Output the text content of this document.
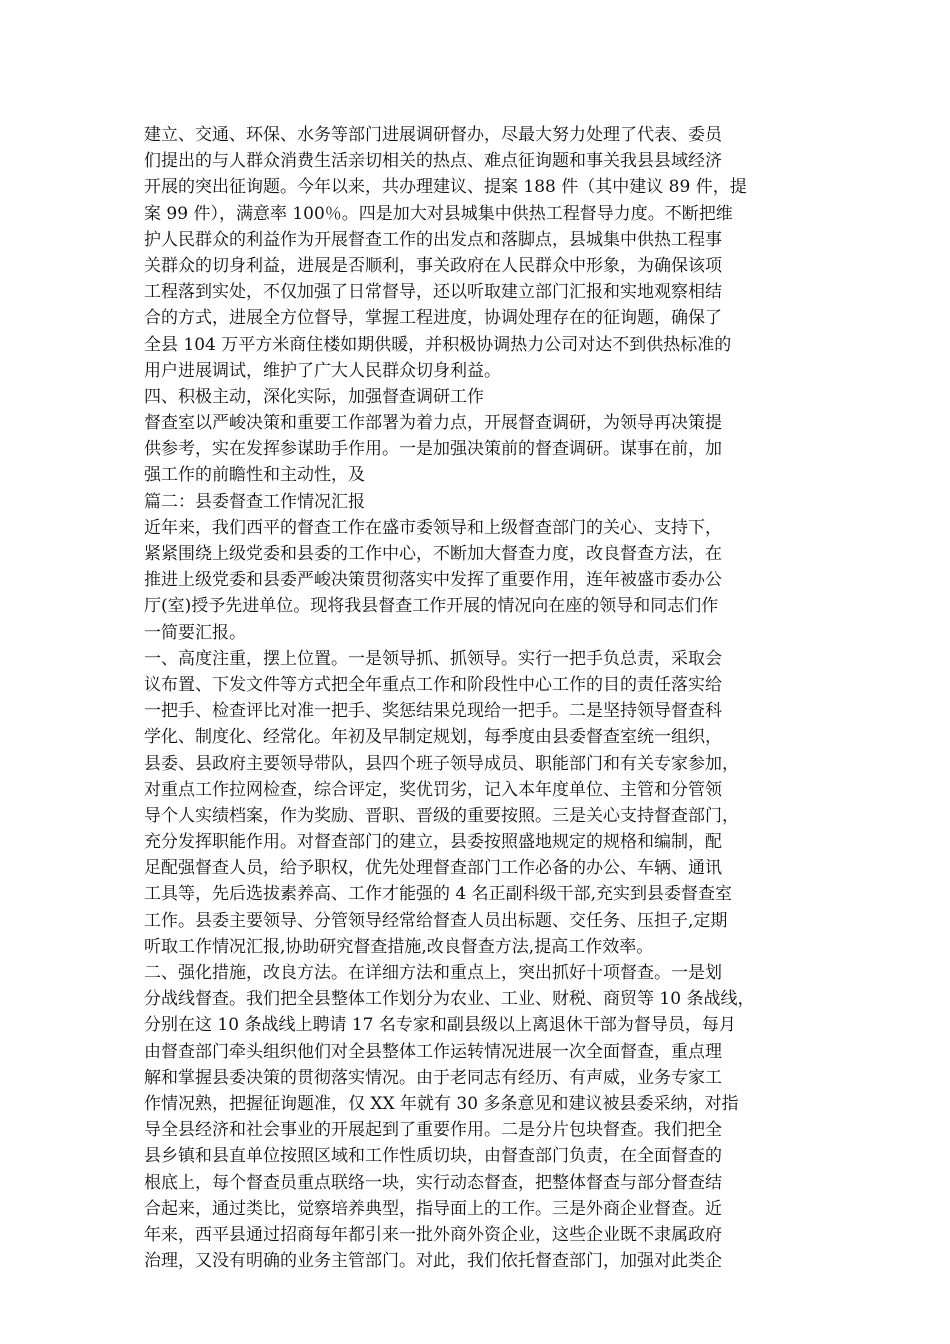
建立、交通、环保、水务等部门进展调研督办，尽最大努力处理了代表、委员
们提出的与人群众消费生活亲切相关的热点、难点征询题和事关我县县域经济
开展的突出征询题。今年以来，共办理建议、提案 188 件（其中建议 89 件，提
案 99 件），满意率 100％。四是加大对县城集中供热工程督导力度。不断把维
护人民群众的利益作为开展督查工作的出发点和落脚点，县城集中供热工程事
关群众的切身利益，进展是否顺利，事关政府在人民群众中形象，为确保该项
工程落到实处，不仅加强了日常督导，还以听取建立部门汇报和实地观察相结
合的方式，进展全方位督导，掌握工程进度，协调处理存在的征询题，确保了
全县 104 万平方米商住楼如期供暖，并积极协调热力公司对达不到供热标准的
用户进展调试，维护了广大人民群众切身利益。
四、积极主动，深化实际，加强督查调研工作
督查室以严峻决策和重要工作部署为着力点，开展督查调研，为领导再决策提
供参考，实在发挥参谋助手作用。一是加强决策前的督查调研。谋事在前，加
强工作的前瞻性和主动性，及
篇二：县委督查工作情况汇报
近年来，我们西平的督查工作在盛市委领导和上级督查部门的关心、支持下，
紧紧围绕上级党委和县委的工作中心，不断加大督查力度，改良督查方法，在
推进上级党委和县委严峻决策贯彻落实中发挥了重要作用，连年被盛市委办公
厅(室)授予先进单位。现将我县督查工作开展的情况向在座的领导和同志们作
一简要汇报。
一、高度注重，摆上位置。一是领导抓、抓领导。实行一把手负总责，采取会
议布置、下发文件等方式把全年重点工作和阶段性中心工作的目的责任落实给
一把手、检查评比对准一把手、奖惩结果兑现给一把手。二是坚持领导督查科
学化、制度化、经常化。年初及早制定规划，每季度由县委督查室统一组织，
县委、县政府主要领导带队，县四个班子领导成员、职能部门和有关专家参加，
对重点工作拉网检查，综合评定，奖优罚劣，记入本年度单位、主管和分管领
导个人实绩档案，作为奖励、晋职、晋级的重要按照。三是关心支持督查部门，
充分发挥职能作用。对督查部门的建立，县委按照盛地规定的规格和编制，配
足配强督查人员，给予职权，优先处理督查部门工作必备的办公、车辆、通讯
工具等，先后选拔素养高、工作才能强的 4 名正副科级干部,充实到县委督查室
工作。县委主要领导、分管领导经常给督查人员出标题、交任务、压担子,定期
听取工作情况汇报,协助研究督查措施,改良督查方法,提高工作效率。
二、强化措施，改良方法。在详细方法和重点上，突出抓好十项督查。一是划
分战线督查。我们把全县整体工作划分为农业、工业、财税、商贸等 10 条战线，
分别在这 10 条战线上聘请 17 名专家和副县级以上离退休干部为督导员，每月
由督查部门牵头组织他们对全县整体工作运转情况进展一次全面督查，重点理
解和掌握县委决策的贯彻落实情况。由于老同志有经历、有声威，业务专家工
作情况熟，把握征询题准，仅 XX 年就有 30 多条意见和建议被县委采纳，对指
导全县经济和社会事业的开展起到了重要作用。二是分片包块督查。我们把全
县乡镇和县直单位按照区域和工作性质切块，由督查部门负责，在全面督查的
根底上，每个督查员重点联络一块，实行动态督查，把整体督查与部分督查结
合起来，通过类比，觉察培养典型，指导面上的工作。三是外商企业督查。近
年来，西平县通过招商每年都引来一批外商外资企业，这些企业既不隶属政府
治理，又没有明确的业务主管部门。对此，我们依托督查部门，加强对此类企
